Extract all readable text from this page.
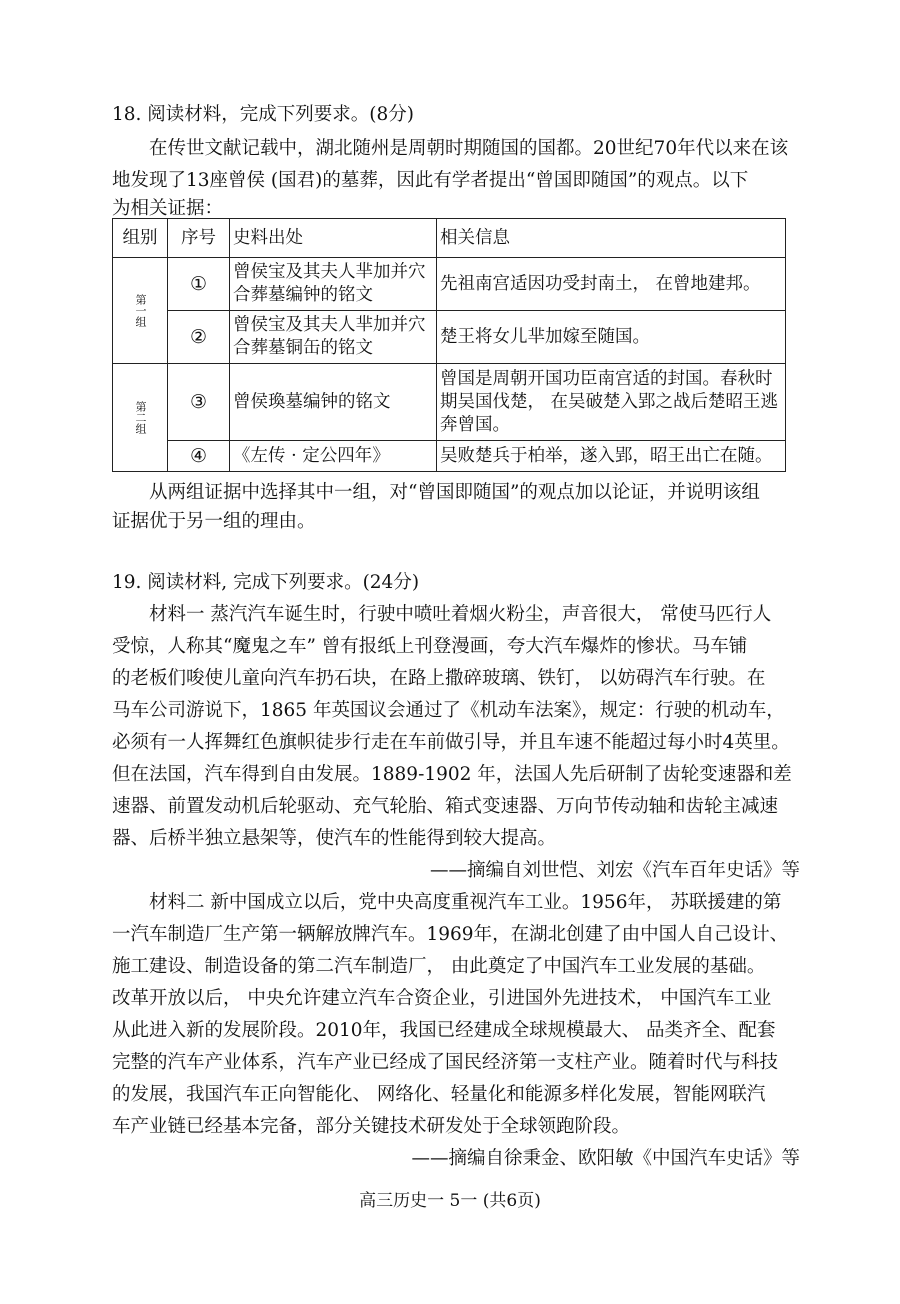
18. 阅读材料，完成下列要求。(8分)
在传世文献记载中，湖北随州是周朝时期随国的国都。20世纪70年代以来在该
地发现了13座曾侯 (国君)的墓葬，因此有学者提出“曾国即随国”的观点。以下
为相关证据：
组别	序号	史料出处	相关信息

第一组	①	曾侯宝及其夫人芈加并穴合葬墓编钟的铭文	先祖南宫适因功受封南土， 在曾地建邦。
	②	曾侯宝及其夫人芈加并穴合葬墓铜缶的铭文	楚王将女儿芈加嫁至随国。

第二组	③	曾侯瑍墓编钟的铭文	曾国是周朝开国功臣南宫适的封国。春秋时期吴国伐楚， 在吴破楚入郢之战后楚昭王逃奔曾国。
	④	《左传 · 定公四年》	吴败楚兵于柏举，遂入郢，昭王出亡在随。
从两组证据中选择其中一组，对“曾国即随国”的观点加以论证，并说明该组
证据优于另一组的理由。
19. 阅读材料, 完成下列要求。(24分)
材料一 蒸汽汽车诞生时，行驶中喷吐着烟火粉尘，声音很大， 常使马匹行人
受惊，人称其“魔鬼之车” 曾有报纸上刊登漫画，夸大汽车爆炸的惨状。马车铺
的老板们唆使儿童向汽车扔石块，在路上撒碎玻璃、铁钉， 以妨碍汽车行驶。在
马车公司游说下，1865 年英国议会通过了《机动车法案》，规定：行驶的机动车，
必须有一人挥舞红色旗帜徒步行走在车前做引导，并且车速不能超过每小时4英里。
但在法国，汽车得到自由发展。1889-1902 年，法国人先后研制了齿轮变速器和差
速器、前置发动机后轮驱动、充气轮胎、箱式变速器、万向节传动轴和齿轮主减速
器、后桥半独立悬架等，使汽车的性能得到较大提高。
——摘编自刘世恺、刘宏《汽车百年史话》等
材料二 新中国成立以后，党中央高度重视汽车工业。1956年， 苏联援建的第
一汽车制造厂生产第一辆解放牌汽车。1969年，在湖北创建了由中国人自己设计、
施工建设、制造设备的第二汽车制造厂， 由此奠定了中国汽车工业发展的基础。
改革开放以后， 中央允许建立汽车合资企业，引进国外先进技术， 中国汽车工业
从此进入新的发展阶段。2010年，我国已经建成全球规模最大、 品类齐全、配套
完整的汽车产业体系，汽车产业已经成了国民经济第一支柱产业。随着时代与科技
的发展，我国汽车正向智能化、 网络化、轻量化和能源多样化发展，智能网联汽
车产业链已经基本完备，部分关键技术研发处于全球领跑阶段。
——摘编自徐秉金、欧阳敏《中国汽车史话》等
高三历史一 5一 (共6页)
